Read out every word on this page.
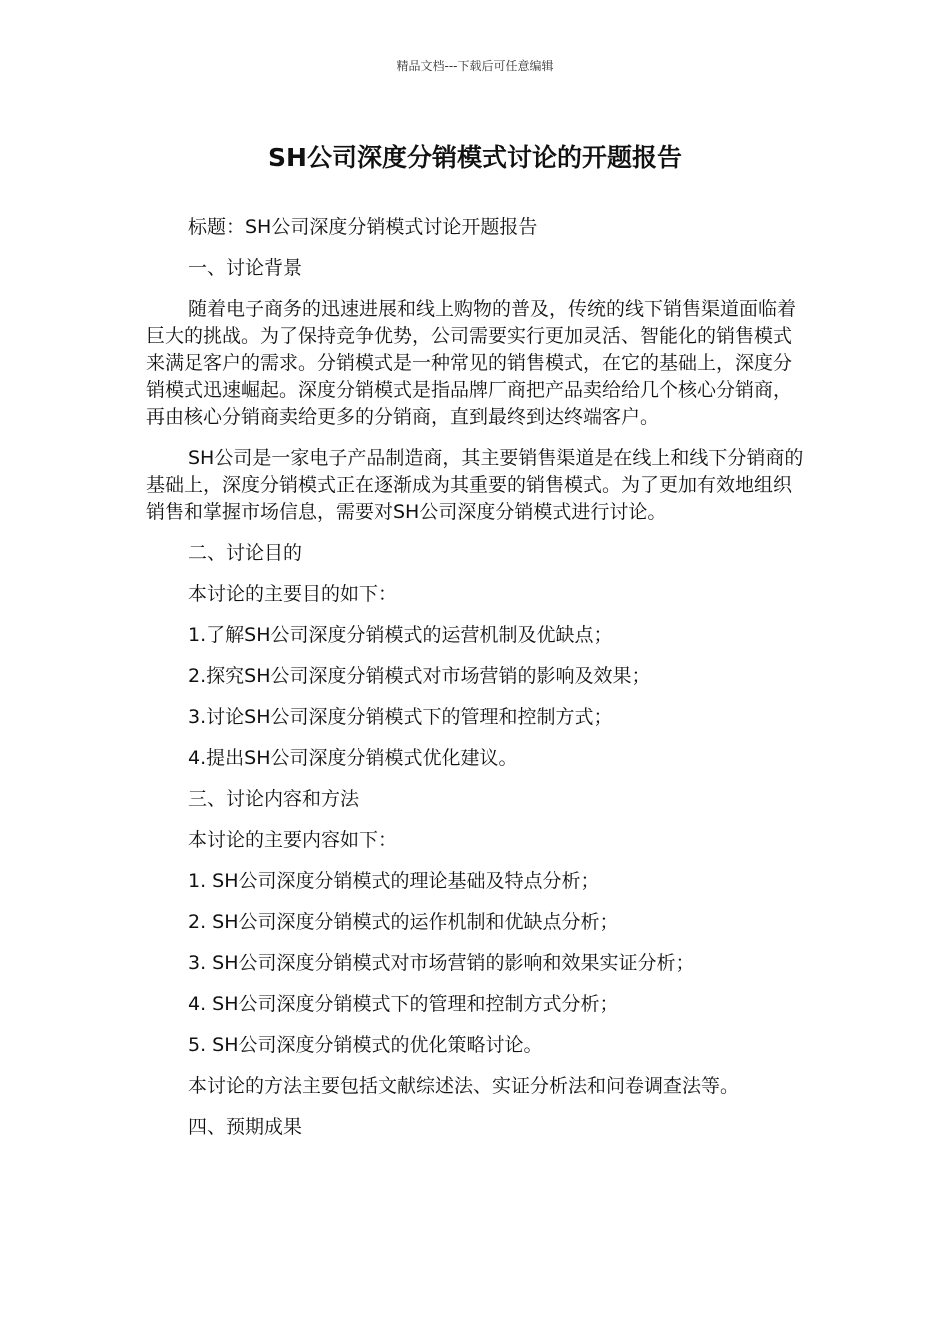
精品文档---下载后可任意编辑
SH公司深度分销模式讨论的开题报告

标题：SH公司深度分销模式讨论开题报告

一、讨论背景

随着电子商务的迅速进展和线上购物的普及，传统的线下销售渠道面临着巨大的挑战。为了保持竞争优势，公司需要实行更加灵活、智能化的销售模式来满足客户的需求。分销模式是一种常见的销售模式，在它的基础上，深度分销模式迅速崛起。深度分销模式是指品牌厂商把产品卖给给几个核心分销商，再由核心分销商卖给更多的分销商，直到最终到达终端客户。

SH公司是一家电子产品制造商，其主要销售渠道是在线上和线下分销商的基础上，深度分销模式正在逐渐成为其重要的销售模式。为了更加有效地组织销售和掌握市场信息，需要对SH公司深度分销模式进行讨论。

二、讨论目的

本讨论的主要目的如下：

1.了解SH公司深度分销模式的运营机制及优缺点；

2.探究SH公司深度分销模式对市场营销的影响及效果；

3.讨论SH公司深度分销模式下的管理和控制方式；

4.提出SH公司深度分销模式优化建议。

三、讨论内容和方法

本讨论的主要内容如下：

1. SH公司深度分销模式的理论基础及特点分析；

2. SH公司深度分销模式的运作机制和优缺点分析；

3. SH公司深度分销模式对市场营销的影响和效果实证分析；

4. SH公司深度分销模式下的管理和控制方式分析；

5. SH公司深度分销模式的优化策略讨论。

本讨论的方法主要包括文献综述法、实证分析法和问卷调查法等。

四、预期成果
